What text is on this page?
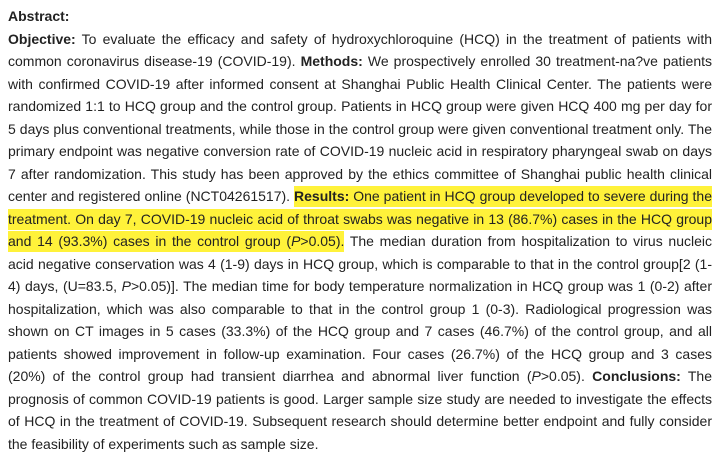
Abstract:

Objective: To evaluate the efficacy and safety of hydroxychloroquine (HCQ) in the treatment of patients with common coronavirus disease-19 (COVID-19). Methods: We prospectively enrolled 30 treatment-na?ve patients with confirmed COVID-19 after informed consent at Shanghai Public Health Clinical Center. The patients were randomized 1:1 to HCQ group and the control group. Patients in HCQ group were given HCQ 400 mg per day for 5 days plus conventional treatments, while those in the control group were given conventional treatment only. The primary endpoint was negative conversion rate of COVID-19 nucleic acid in respiratory pharyngeal swab on days 7 after randomization. This study has been approved by the ethics committee of Shanghai public health clinical center and registered online (NCT04261517). Results: One patient in HCQ group developed to severe during the treatment. On day 7, COVID-19 nucleic acid of throat swabs was negative in 13 (86.7%) cases in the HCQ group and 14 (93.3%) cases in the control group (P>0.05). The median duration from hospitalization to virus nucleic acid negative conservation was 4 (1-9) days in HCQ group, which is comparable to that in the control group[2 (1-4) days, (U=83.5, P>0.05)]. The median time for body temperature normalization in HCQ group was 1 (0-2) after hospitalization, which was also comparable to that in the control group 1 (0-3). Radiological progression was shown on CT images in 5 cases (33.3%) of the HCQ group and 7 cases (46.7%) of the control group, and all patients showed improvement in follow-up examination. Four cases (26.7%) of the HCQ group and 3 cases (20%) of the control group had transient diarrhea and abnormal liver function (P>0.05). Conclusions: The prognosis of common COVID-19 patients is good. Larger sample size study are needed to investigate the effects of HCQ in the treatment of COVID-19. Subsequent research should determine better endpoint and fully consider the feasibility of experiments such as sample size.
